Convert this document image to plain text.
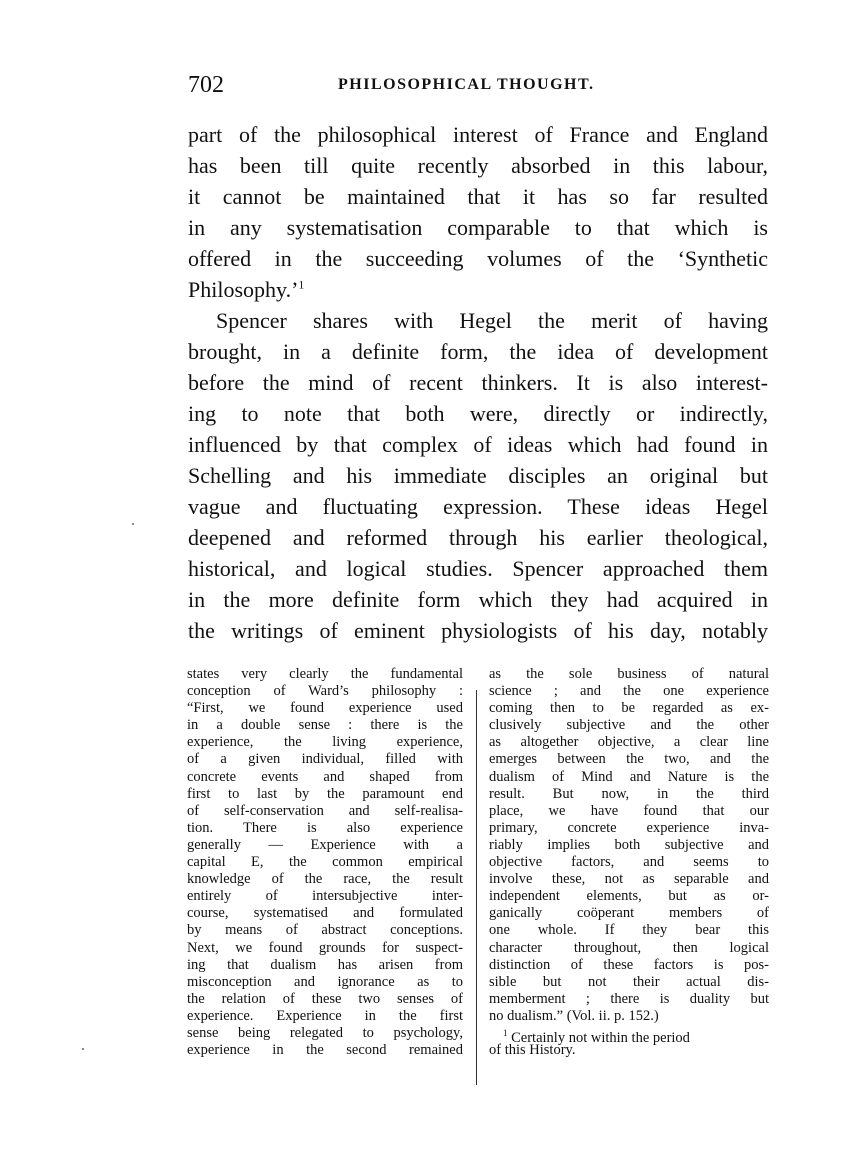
702	PHILOSOPHICAL THOUGHT.
part of the philosophical interest of France and England
has been till quite recently absorbed in this labour,
it cannot be maintained that it has so far resulted
in any systematisation comparable to that which is
offered in the succeeding volumes of the ‘Synthetic
Philosophy.’$^1$
Spencer shares with Hegel the merit of having
brought, in a definite form, the idea of development
before the mind of recent thinkers. It is also interest-
ing to note that both were, directly or indirectly,
influenced by that complex of ideas which had found in
Schelling and his immediate disciples an original but
vague and fluctuating expression. These ideas Hegel
deepened and reformed through his earlier theological,
historical, and logical studies. Spencer approached them
in the more definite form which they had acquired in
the writings of eminent physiologists of his day, notably
states very clearly the fundamental
conception of Ward’s philosophy :
“First, we found experience used
in a double sense : there is the
experience, the living experience,
of a given individual, filled with
concrete events and shaped from
first to last by the paramount end
of self-conservation and self-realisa-
tion. There is also experience
generally — Experience with a
capital E, the common empirical
knowledge of the race, the result
entirely of intersubjective inter-
course, systematised and formulated
by means of abstract conceptions.
Next, we found grounds for suspect-
ing that dualism has arisen from
misconception and ignorance as to
the relation of these two senses of
experience. Experience in the first
sense being relegated to psychology,
experience in the second remained
as the sole business of natural
science ; and the one experience
coming then to be regarded as ex-
clusively subjective and the other
as altogether objective, a clear line
emerges between the two, and the
dualism of Mind and Nature is the
result. But now, in the third
place, we have found that our
primary, concrete experience inva-
riably implies both subjective and
objective factors, and seems to
involve these, not as separable and
independent elements, but as or-
ganically coöperant members of
one whole. If they bear this
character throughout, then logical
distinction of these factors is pos-
sible but not their actual dis-
memberment ; there is duality but
no dualism.” (Vol. ii. p. 152.)
$^1$ Certainly not within the period
of this History.
